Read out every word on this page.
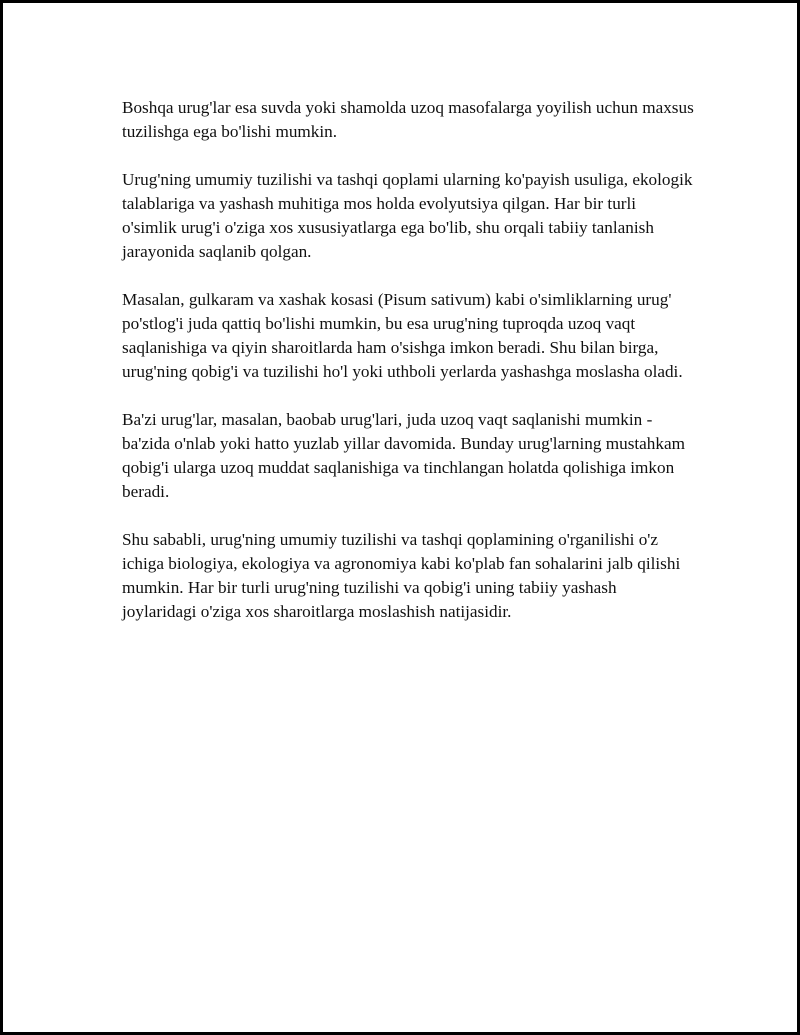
Boshqa urug'lar esa suvda yoki shamolda uzoq masofalarga yoyilish uchun maxsus tuzilishga ega bo'lishi mumkin.

Urug'ning umumiy tuzilishi va tashqi qoplami ularning ko'payish usuliga, ekologik talablariga va yashash muhitiga mos holda evolyutsiya qilgan. Har bir turli o'simlik urug'i o'ziga xos xususiyatlarga ega bo'lib, shu orqali tabiiy tanlanish jarayonida saqlanib qolgan.

Masalan, gulkaram va xashak kosasi (Pisum sativum) kabi o'simliklarning urug' po'stlog'i juda qattiq bo'lishi mumkin, bu esa urug'ning tuproqda uzoq vaqt saqlanishiga va qiyin sharoitlarda ham o'sishga imkon beradi. Shu bilan birga, urug'ning qobig'i va tuzilishi ho'l yoki uthboli yerlarda yashashga moslasha oladi.

Ba'zi urug'lar, masalan, baobab urug'lari, juda uzoq vaqt saqlanishi mumkin - ba'zida o'nlab yoki hatto yuzlab yillar davomida. Bunday urug'larning mustahkam qobig'i ularga uzoq muddat saqlanishiga va tinchlangan holatda qolishiga imkon beradi.

Shu sababli, urug'ning umumiy tuzilishi va tashqi qoplamining o'rganilishi o'z ichiga biologiya, ekologiya va agronomiya kabi ko'plab fan sohalarini jalb qilishi mumkin. Har bir turli urug'ning tuzilishi va qobig'i uning tabiiy yashash joylaridagi o'ziga xos sharoitlarga moslashish natijasidir.
